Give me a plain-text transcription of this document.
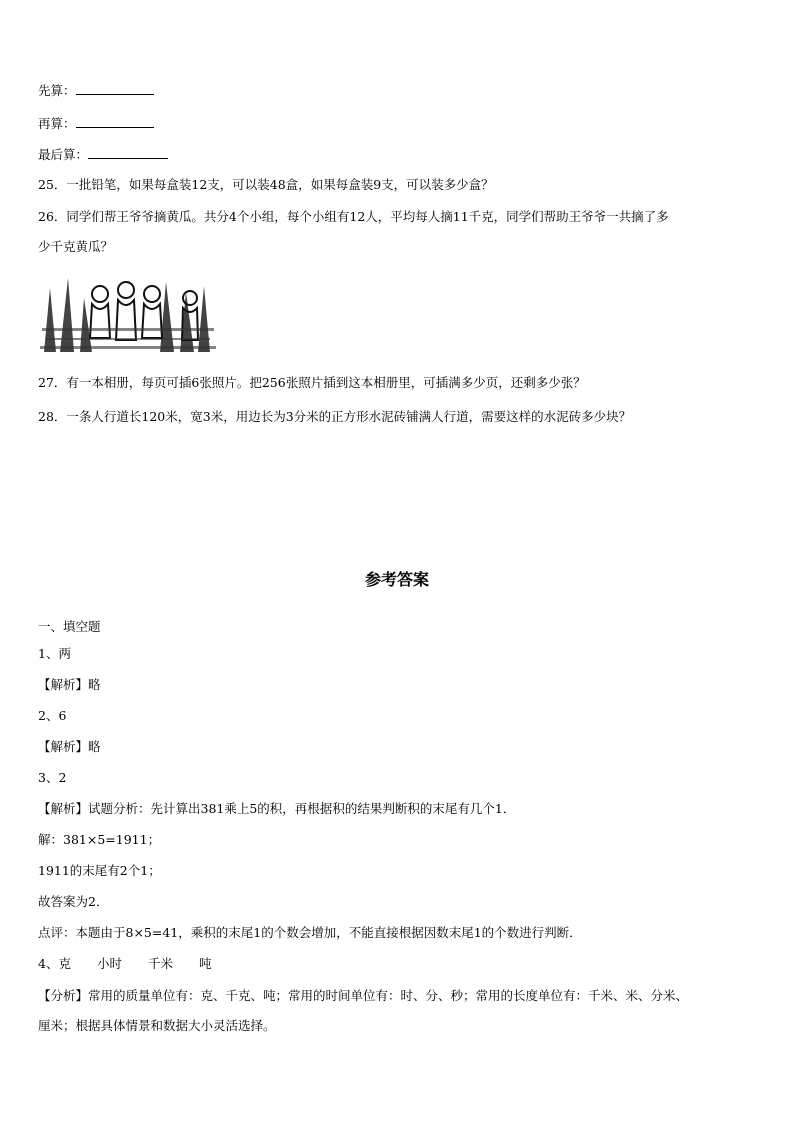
先算：
再算：
最后算：
25．一批铅笔，如果每盒装12支，可以装48盒，如果每盒装9支，可以装多少盒？
26．同学们帮王爷爷摘黄瓜。共分4个小组，每个小组有12人，平均每人摘11千克，同学们帮助王爷爷一共摘了多
少千克黄瓜？
27．有一本相册，每页可插6张照片。把256张照片插到这本相册里，可插满多少页，还剩多少张？
28．一条人行道长120米，宽3米，用边长为3分米的正方形水泥砖铺满人行道，需要这样的水泥砖多少块？
参考答案
一、填空题
1、两
【解析】略
2、6
【解析】略
3、2
【解析】试题分析：先计算出381乘上5的积，再根据积的结果判断积的末尾有几个1．
解：381×5=1911；
1911的末尾有2个1；
故答案为2．
点评：本题由于8×5=41，乘积的末尾1的个数会增加，不能直接根据因数末尾1的个数进行判断．
4、克 小时 千米 吨
【分析】常用的质量单位有：克、千克、吨；常用的时间单位有：时、分、秒；常用的长度单位有：千米、米、分米、
厘米；根据具体情景和数据大小灵活选择。
